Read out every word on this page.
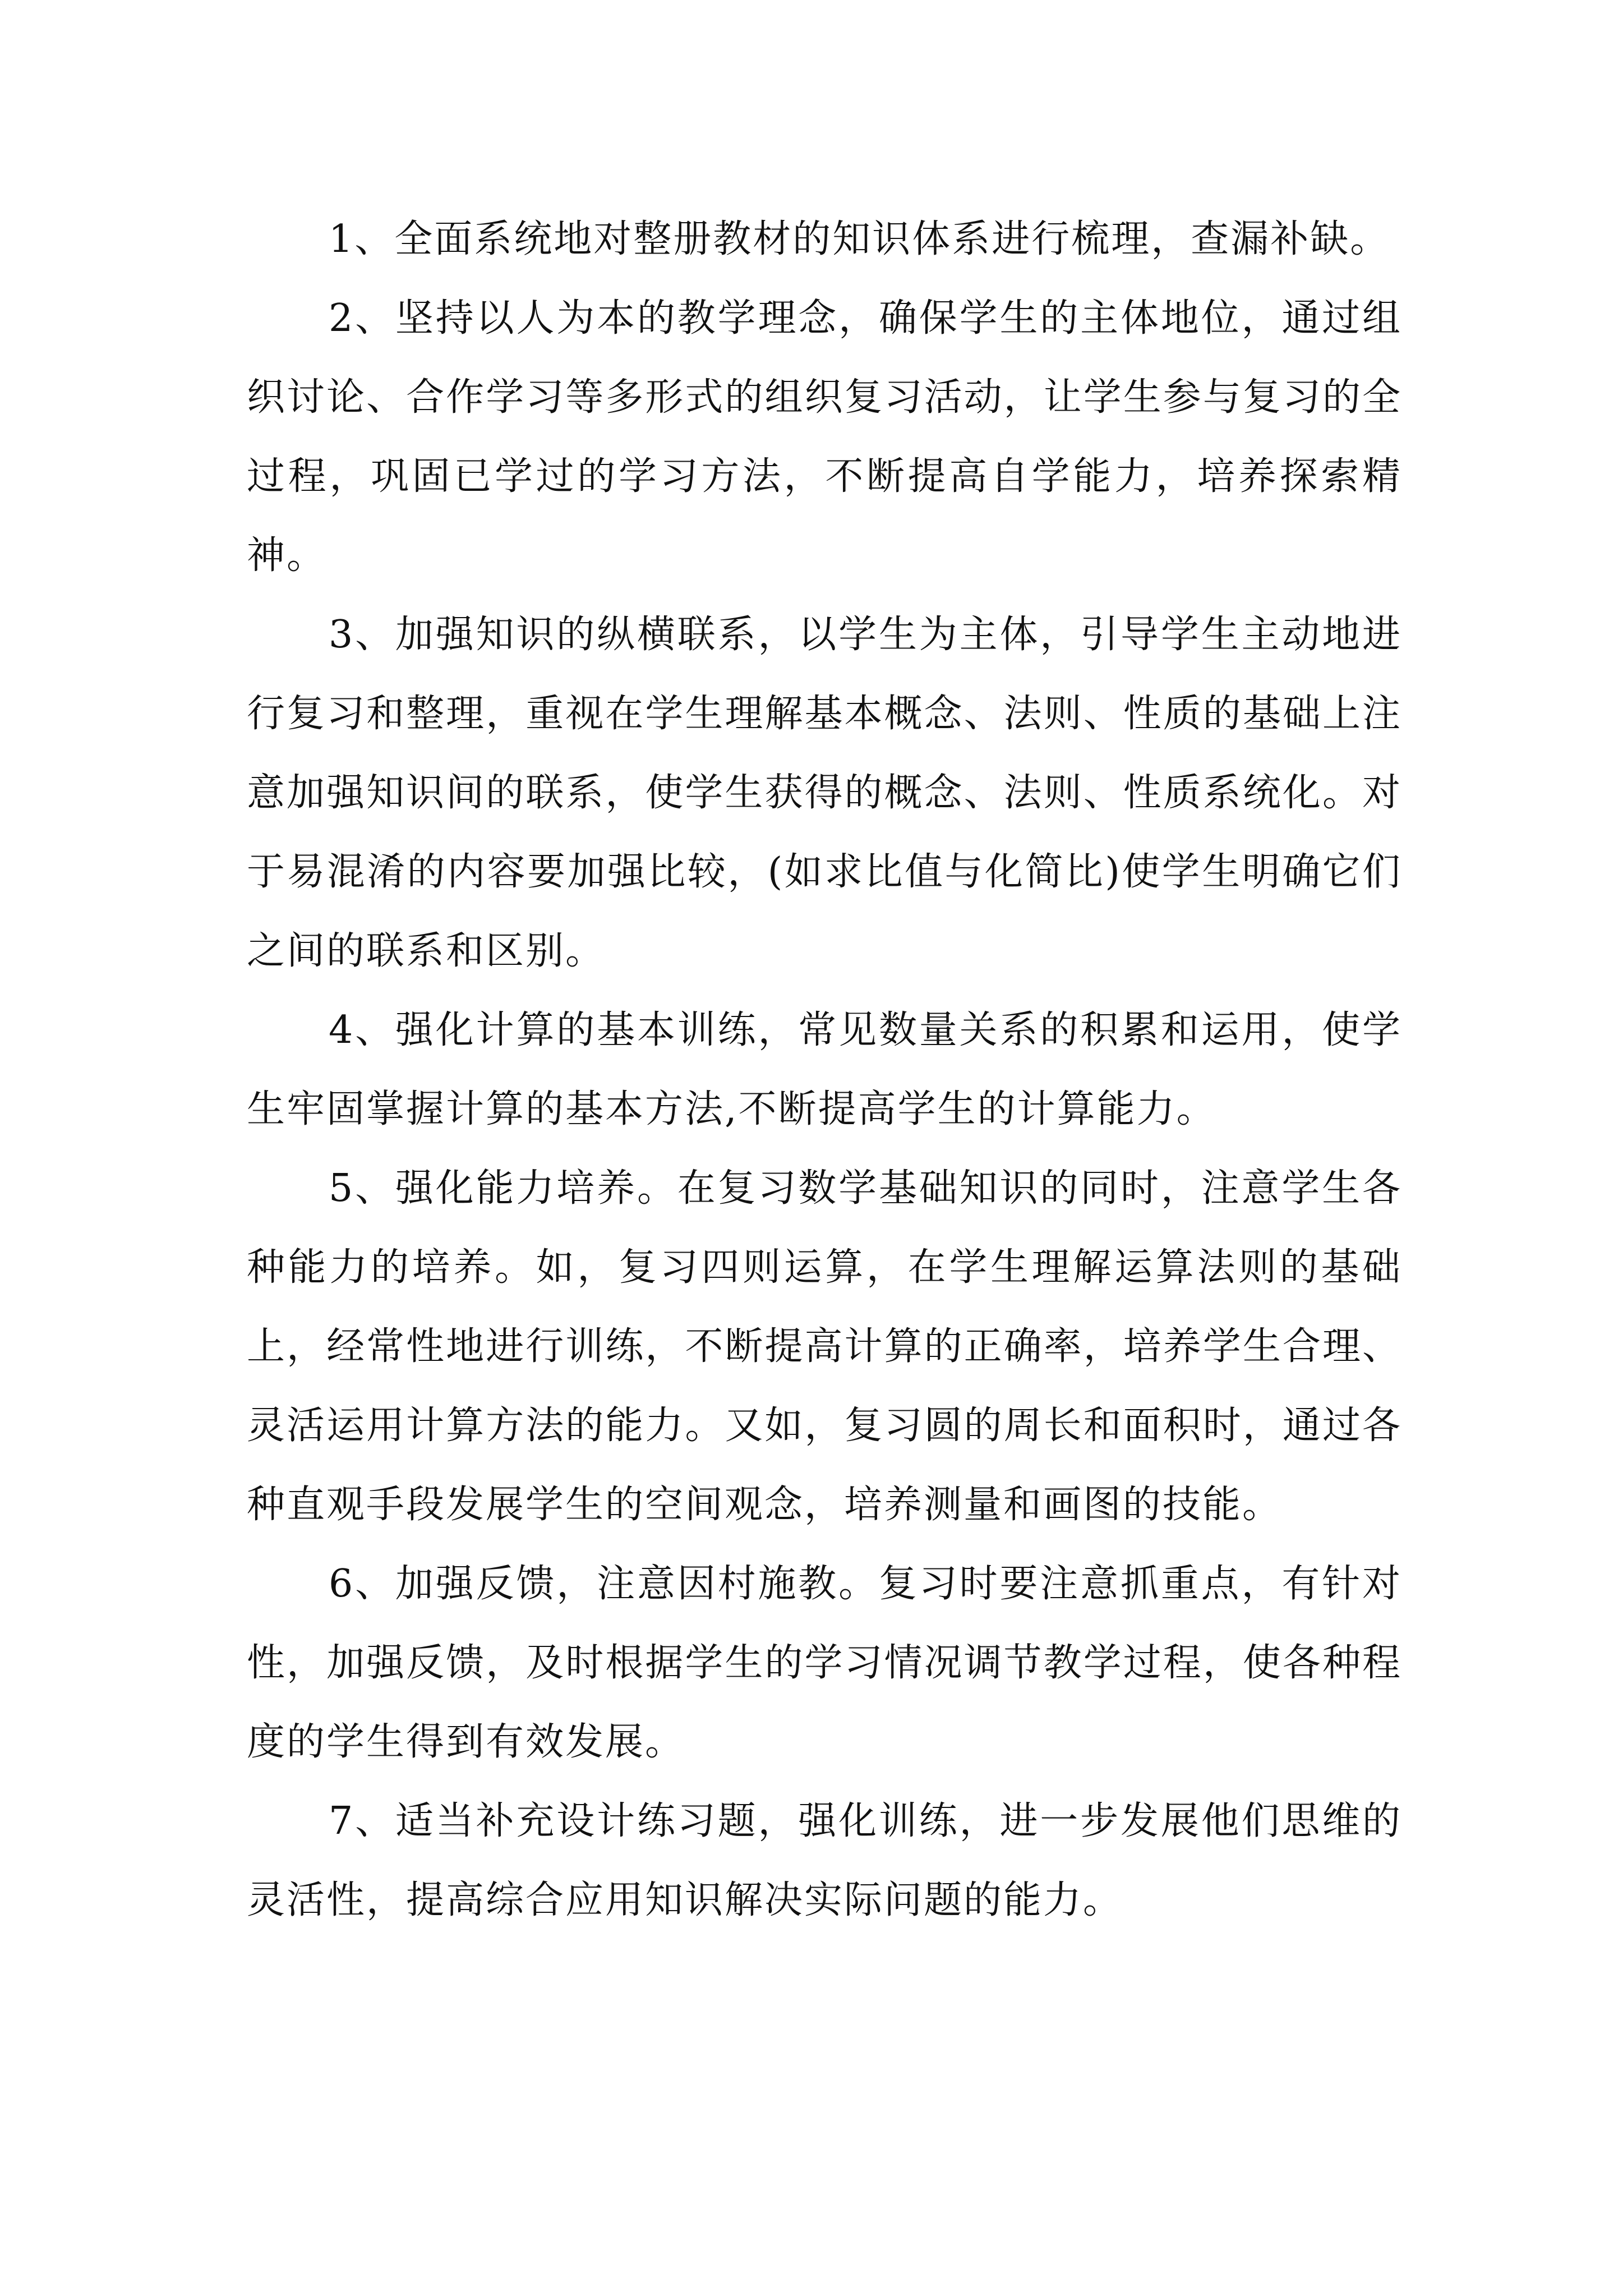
1、全面系统地对整册教材的知识体系进行梳理，查漏补缺。

2、坚持以人为本的教学理念，确保学生的主体地位，通过组织讨论、合作学习等多形式的组织复习活动，让学生参与复习的全过程，巩固已学过的学习方法，不断提高自学能力，培养探索精神。

3、加强知识的纵横联系，以学生为主体，引导学生主动地进行复习和整理，重视在学生理解基本概念、法则、性质的基础上注意加强知识间的联系，使学生获得的概念、法则、性质系统化。对于易混淆的内容要加强比较，(如求比值与化简比)使学生明确它们之间的联系和区别。

4、强化计算的基本训练，常见数量关系的积累和运用，使学生牢固掌握计算的基本方法,不断提高学生的计算能力。

5、强化能力培养。在复习数学基础知识的同时，注意学生各种能力的培养。如，复习四则运算，在学生理解运算法则的基础上，经常性地进行训练，不断提高计算的正确率，培养学生合理、灵活运用计算方法的能力。又如，复习圆的周长和面积时，通过各种直观手段发展学生的空间观念，培养测量和画图的技能。

6、加强反馈，注意因村施教。复习时要注意抓重点，有针对性，加强反馈，及时根据学生的学习情况调节教学过程，使各种程度的学生得到有效发展。

7、适当补充设计练习题，强化训练，进一步发展他们思维的灵活性，提高综合应用知识解决实际问题的能力。
